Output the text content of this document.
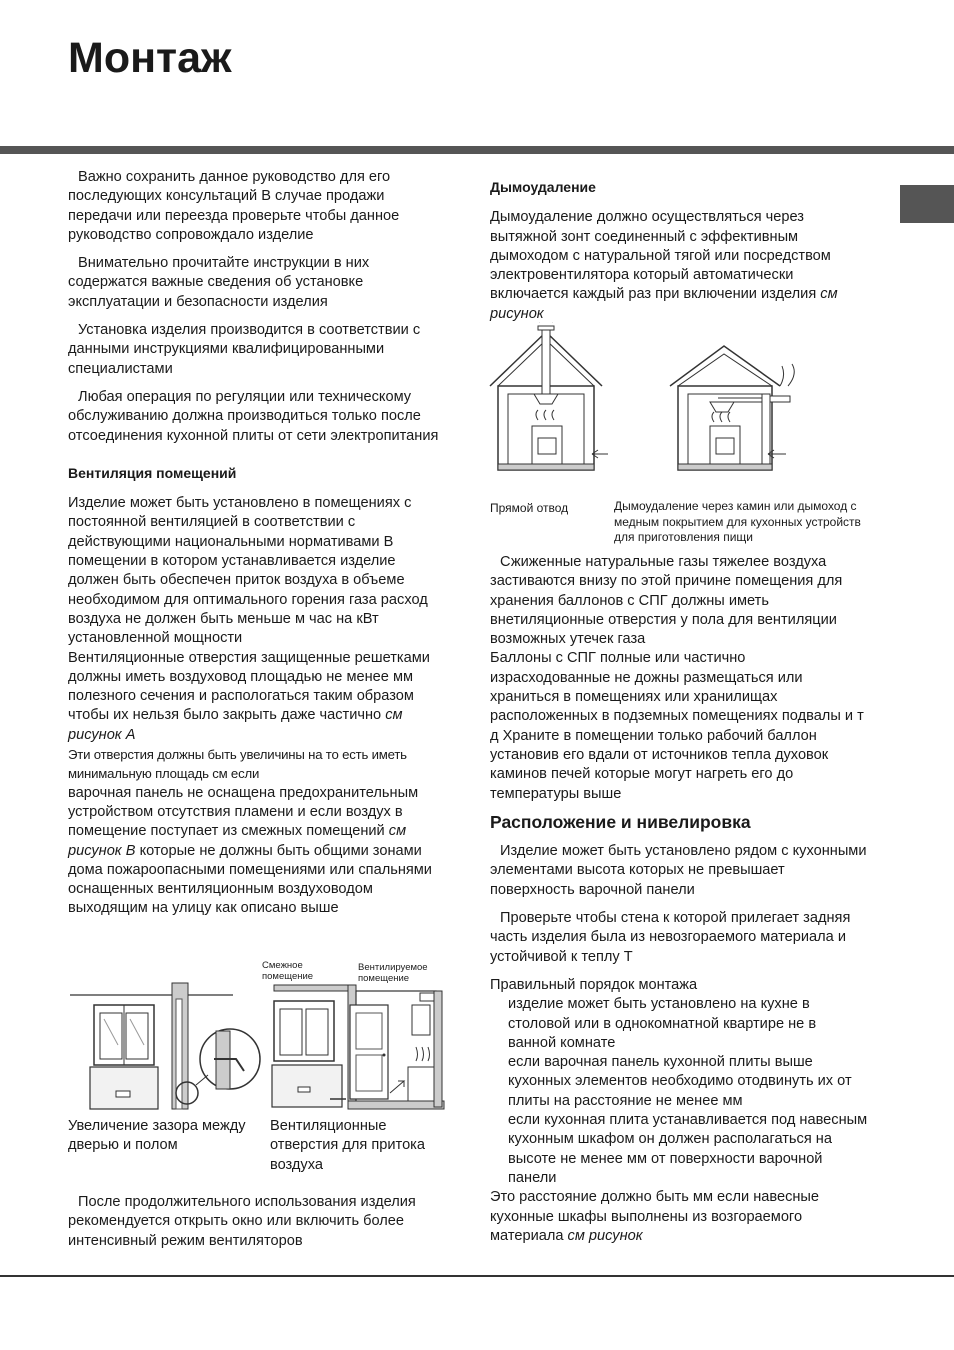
Монтаж

Важно сохранить данное руководство для его последующих консультаций В случае продажи передачи или переезда проверьте чтобы данное руководство сопровождало изделие

Внимательно прочитайте инструкции в них содержатся важные сведения об установке эксплуатации и безопасности изделия

Установка изделия производится в соответствии с данными инструкциями квалифицированными специалистами

Любая операция по регуляции или техническому обслуживанию должна производиться только после отсоединения кухонной плиты от сети электропитания

Вентиляция помещений

Изделие может быть установлено в помещениях с постоянной вентиляцией в соответствии с действующими национальными нормативами В помещении в котором устанавливается изделие должен быть обеспечен приток воздуха в объеме необходимом для оптимального горения газа расход воздуха не должен быть меньше м час на кВт установленной мощности

Вентиляционные отверстия защищенные решетками должны иметь воздуховод площадью не менее мм полезного сечения и распологаться таким образом чтобы их нельзя было закрыть даже частично см рисунок А

Эти отверстия должны быть увеличины на то есть иметь минимальную площадь см если

варочная панель не оснащена предохранительным устройством отсутствия пламени и если воздух в помещение поступает из смежных помещений см рисунок В которые не должны быть общими зонами дома пожароопасными помещениями или спальнями оснащенных вентиляционным воздуховодом выходящим на улицу как описано выше

Смежное помещение
Вентилируемое помещение
Увеличение зазора между дверью и полом
Вентиляционные отверстия для притока воздуха

После продолжительного использования изделия рекомендуется открыть окно или включить более интенсивный режим вентиляторов

Дымоудаление

Дымоудаление должно осуществляться через вытяжной зонт соединенный с эффективным дымоходом с натуральной тягой или посредством электровентилятора который автоматически включается каждый раз при включении изделия см рисунок

Прямой отвод	Дымоудаление через камин или дымоход с медным покрытием для кухонных устройств для приготовления пищи

Сжиженные натуральные газы тяжелее воздуха застиваются внизу по этой причине помещения для хранения баллонов с СПГ должны иметь внетиляционные отверстия у пола для вентиляции возможных утечек газа

Баллоны с СПГ полные или частично израсходованные не дожны размещаться или храниться в помещениях или хранилищах расположенных в подземных помещениях подвалы и т д Храните в помещении только рабочий баллон установив его вдали от источников тепла духовок каминов печей которые могут нагреть его до температуры выше

Расположение и нивелировка

Изделие может быть установлено рядом с кухонными элементами высота которых не превышает поверхность варочной панели

Проверьте чтобы стена к которой прилегает задняя часть изделия была из невозгораемого материала и устойчивой к теплу Т

Правильный порядок монтажа

изделие может быть установлено на кухне в столовой или в однокомнатной квартире не в ванной комнате

если варочная панель кухонной плиты выше кухонных элементов необходимо отодвинуть их от плиты на расстояние не менее мм

если кухонная плита устанавливается под навесным кухонным шкафом он должен располагаться на высоте не менее мм от поверхности варочной панели

Это расстояние должно быть мм если навесные кухонные шкафы выполнены из возгораемого материала см рисунок
